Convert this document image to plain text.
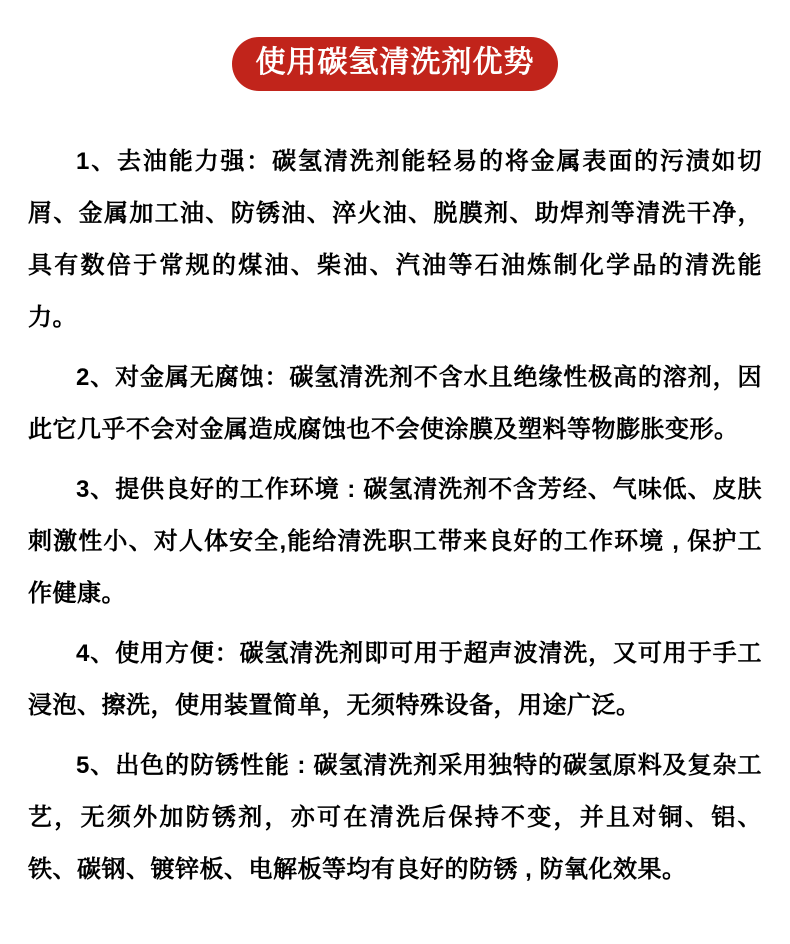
使用碳氢清洗剂优势

1、去油能力强：碳氢清洗剂能轻易的将金属表面的污渍如切屑、金属加工油、防锈油、淬火油、脱膜剂、助焊剂等清洗干净，具有数倍于常规的煤油、柴油、汽油等石油炼制化学品的清洗能力。

2、对金属无腐蚀：碳氢清洗剂不含水且绝缘性极高的溶剂，因此它几乎不会对金属造成腐蚀也不会使涂膜及塑料等物膨胀变形。

3、提供良好的工作环境 : 碳氢清洗剂不含芳经、气味低、皮肤刺激性小、对人体安全,能给清洗职工带来良好的工作环境 , 保护工作健康。

4、使用方便：碳氢清洗剂即可用于超声波清洗，又可用于手工浸泡、擦洗，使用装置简单，无须特殊设备，用途广泛。

5、出色的防锈性能 : 碳氢清洗剂采用独特的碳氢原料及复杂工艺，无须外加防锈剂，亦可在清洗后保持不变，并且对铜、铝、铁、碳钢、镀锌板、电解板等均有良好的防锈 , 防氧化效果。
